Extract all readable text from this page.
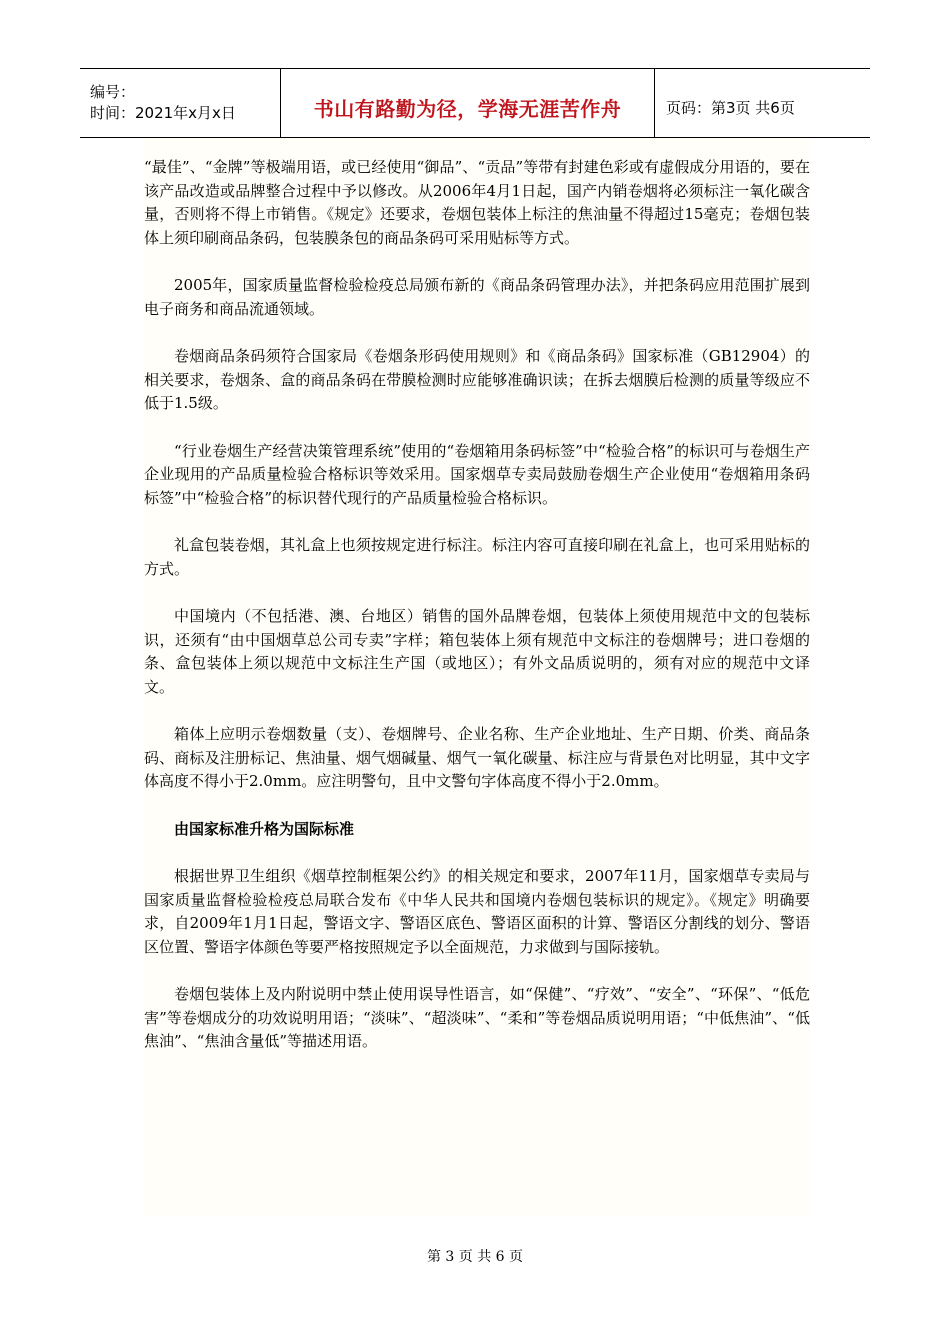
编号：
时间：2021年x月x日	书山有路勤为径，学海无涯苦作舟	页码：第3页 共6页

“最佳”、“金牌”等极端用语，或已经使用“御品”、“贡品”等带有封建色彩或有虚假成分用语的，要在该产品改造或品牌整合过程中予以修改。从2006年4月1日起，国产内销卷烟将必须标注一氧化碳含量，否则将不得上市销售。《规定》还要求，卷烟包装体上标注的焦油量不得超过15毫克；卷烟包装体上须印刷商品条码，包装膜条包的商品条码可采用贴标等方式。

2005年，国家质量监督检验检疫总局颁布新的《商品条码管理办法》，并把条码应用范围扩展到电子商务和商品流通领域。

卷烟商品条码须符合国家局《卷烟条形码使用规则》和《商品条码》国家标准（GB12904）的相关要求，卷烟条、盒的商品条码在带膜检测时应能够准确识读；在拆去烟膜后检测的质量等级应不低于1.5级。

“行业卷烟生产经营决策管理系统”使用的“卷烟箱用条码标签”中“检验合格”的标识可与卷烟生产企业现用的产品质量检验合格标识等效采用。国家烟草专卖局鼓励卷烟生产企业使用“卷烟箱用条码标签”中“检验合格”的标识替代现行的产品质量检验合格标识。

礼盒包装卷烟，其礼盒上也须按规定进行标注。标注内容可直接印刷在礼盒上，也可采用贴标的方式。

中国境内（不包括港、澳、台地区）销售的国外品牌卷烟，包装体上须使用规范中文的包装标识，还须有“由中国烟草总公司专卖”字样；箱包装体上须有规范中文标注的卷烟牌号；进口卷烟的条、盒包装体上须以规范中文标注生产国（或地区）；有外文品质说明的，须有对应的规范中文译文。

箱体上应明示卷烟数量（支）、卷烟牌号、企业名称、生产企业地址、生产日期、价类、商品条码、商标及注册标记、焦油量、烟气烟碱量、烟气一氧化碳量、标注应与背景色对比明显，其中文字体高度不得小于2.0mm。应注明警句，且中文警句字体高度不得小于2.0mm。

由国家标准升格为国际标准

根据世界卫生组织《烟草控制框架公约》的相关规定和要求，2007年11月，国家烟草专卖局与国家质量监督检验检疫总局联合发布《中华人民共和国境内卷烟包装标识的规定》。《规定》明确要求，自2009年1月1日起，警语文字、警语区底色、警语区面积的计算、警语区分割线的划分、警语区位置、警语字体颜色等要严格按照规定予以全面规范，力求做到与国际接轨。

卷烟包装体上及内附说明中禁止使用误导性语言，如“保健”、“疗效”、“安全”、“环保”、“低危害”等卷烟成分的功效说明用语；“淡味”、“超淡味”、“柔和”等卷烟品质说明用语；“中低焦油”、“低焦油”、“焦油含量低”等描述用语。

第 3 页 共 6 页
